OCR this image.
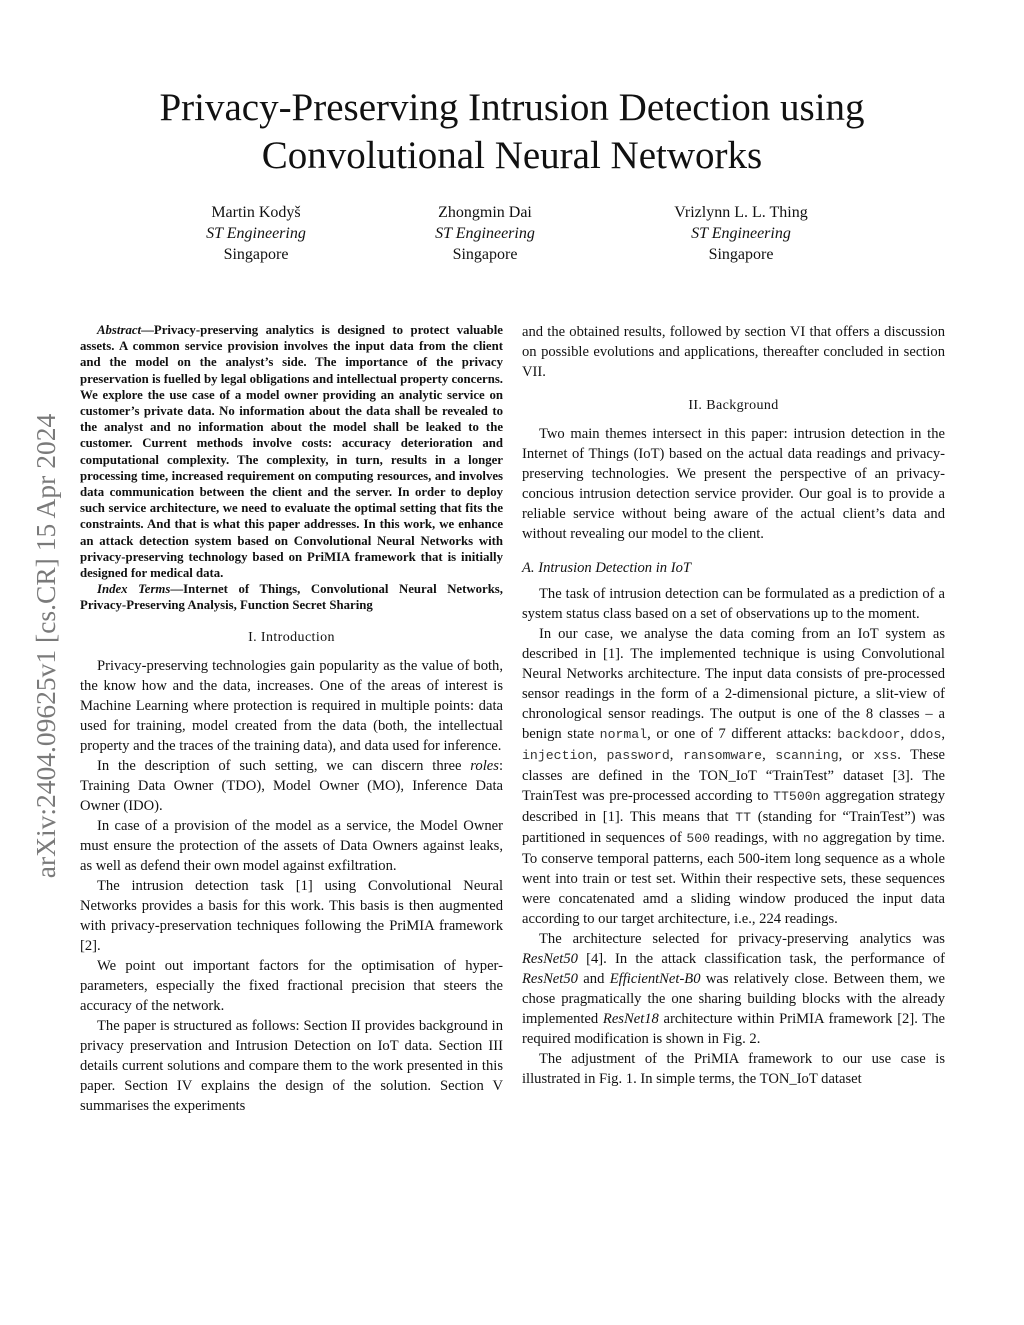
Privacy-Preserving Intrusion Detection using Convolutional Neural Networks
Martin Kodyš
ST Engineering
Singapore
Zhongmin Dai
ST Engineering
Singapore
Vrizlynn L. L. Thing
ST Engineering
Singapore
arXiv:2404.09625v1 [cs.CR] 15 Apr 2024

Abstract—Privacy-preserving analytics is designed to protect valuable assets. A common service provision involves the input data from the client and the model on the analyst’s side. The importance of the privacy preservation is fuelled by legal obligations and intellectual property concerns. We explore the use case of a model owner providing an analytic service on customer’s private data. No information about the data shall be revealed to the analyst and no information about the model shall be leaked to the customer. Current methods involve costs: accuracy deterioration and computational complexity. The complexity, in turn, results in a longer processing time, increased requirement on computing resources, and involves data communication between the client and the server. In order to deploy such service architecture, we need to evaluate the optimal setting that fits the constraints. And that is what this paper addresses. In this work, we enhance an attack detection system based on Convolutional Neural Networks with privacy-preserving technology based on PriMIA framework that is initially designed for medical data.

Index Terms—Internet of Things, Convolutional Neural Networks, Privacy-Preserving Analysis, Function Secret Sharing

I. Introduction

Privacy-preserving technologies gain popularity as the value of both, the know how and the data, increases. One of the areas of interest is Machine Learning where protection is required in multiple points: data used for training, model created from the data (both, the intellectual property and the traces of the training data), and data used for inference.

In the description of such setting, we can discern three roles: Training Data Owner (TDO), Model Owner (MO), Inference Data Owner (IDO).

In case of a provision of the model as a service, the Model Owner must ensure the protection of the assets of Data Owners against leaks, as well as defend their own model against exfiltration.

The intrusion detection task [1] using Convolutional Neural Networks provides a basis for this work. This basis is then augmented with privacy-preservation techniques following the PriMIA framework [2].

We point out important factors for the optimisation of hyper-parameters, especially the fixed fractional precision that steers the accuracy of the network.

The paper is structured as follows: Section II provides background in privacy preservation and Intrusion Detection on IoT data. Section III details current solutions and compare them to the work presented in this paper. Section IV explains the design of the solution. Section V summarises the experiments

and the obtained results, followed by section VI that offers a discussion on possible evolutions and applications, thereafter concluded in section VII.

II. Background

Two main themes intersect in this paper: intrusion detection in the Internet of Things (IoT) based on the actual data readings and privacy-preserving technologies. We present the perspective of an privacy-concious intrusion detection service provider. Our goal is to provide a reliable service without being aware of the actual client’s data and without revealing our model to the client.

A. Intrusion Detection in IoT

The task of intrusion detection can be formulated as a prediction of a system status class based on a set of observations up to the moment.

In our case, we analyse the data coming from an IoT system as described in [1]. The implemented technique is using Convolutional Neural Networks architecture. The input data consists of pre-processed sensor readings in the form of a 2-dimensional picture, a slit-view of chronological sensor readings. The output is one of the 8 classes – a benign state normal, or one of 7 different attacks: backdoor, ddos, injection, password, ransomware, scanning, or xss. These classes are defined in the TON_IoT “TrainTest” dataset [3]. The TrainTest was pre-processed according to TT500n aggregation strategy described in [1]. This means that TT (standing for “TrainTest”) was partitioned in sequences of 500 readings, with no aggregation by time. To conserve temporal patterns, each 500-item long sequence as a whole went into train or test set. Within their respective sets, these sequences were concatenated amd a sliding window produced the input data according to our target architecture, i.e., 224 readings.

The architecture selected for privacy-preserving analytics was ResNet50 [4]. In the attack classification task, the performance of ResNet50 and EfficientNet-B0 was relatively close. Between them, we chose pragmatically the one sharing building blocks with the already implemented ResNet18 architecture within PriMIA framework [2]. The required modification is shown in Fig. 2.

The adjustment of the PriMIA framework to our use case is illustrated in Fig. 1. In simple terms, the TON_IoT dataset
